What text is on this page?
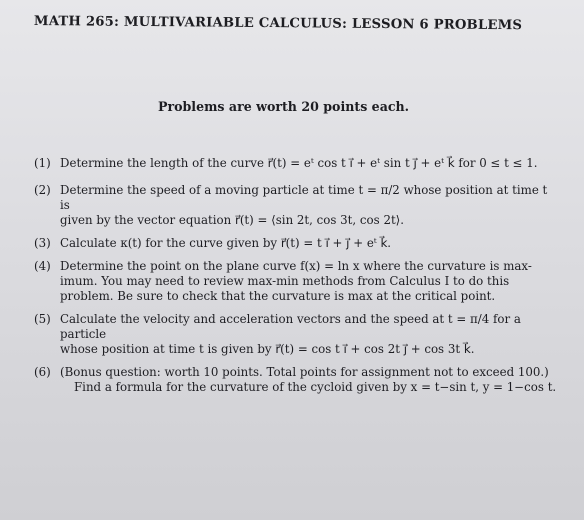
MATH 265: MULTIVARIABLE CALCULUS: LESSON 6 PROBLEMS
Problems are worth 20 points each.
(1) Determine the length of the curve r⃗(t) = eᵗ cos t i⃗ + eᵗ sin t j⃗ + eᵗ k⃗ for 0 ≤ t ≤ 1.
(2) Determine the speed of a moving particle at time t = π/2 whose position at time t is
given by the vector equation r⃗(t) = ⟨sin 2t, cos 3t, cos 2t⟩.
(3) Calculate κ(t) for the curve given by r⃗(t) = t i⃗ + j⃗ + eᵗ k⃗.
(4) Determine the point on the plane curve f(x) = ln x where the curvature is max-
imum. You may need to review max-min methods from Calculus I to do this
problem. Be sure to check that the curvature is max at the critical point.
(5) Calculate the velocity and acceleration vectors and the speed at t = π/4 for a particle
whose position at time t is given by r⃗(t) = cos t i⃗ + cos 2t j⃗ + cos 3t k⃗.
(6) (Bonus question: worth 10 points. Total points for assignment not to exceed 100.)
Find a formula for the curvature of the cycloid given by x = t−sin t, y = 1−cos t.
